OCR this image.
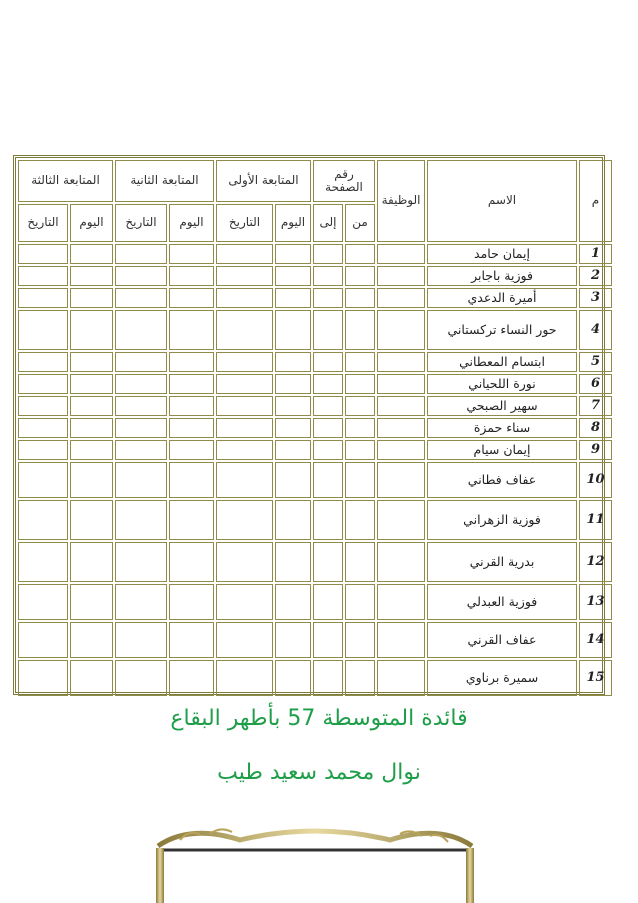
م	الاسم	الوظيفة	رقم الصفحة		المتابعة الأولى		المتابعة الثانية		المتابعة الثالثة	
			من	إلى	اليوم	التاريخ	اليوم	التاريخ	اليوم	التاريخ
1	إيمان حامد									
2	فوزية باجابر									
3	أميرة الدعدي									
4	حور النساء تركستاني									
5	ابتسام المعطاني									
6	نورة اللحياني									
7	سهير الصبحي									
8	سناء حمزة									
9	إيمان سيام									
10	عفاف فطاني									
11	فوزية الزهراني									
12	بدرية القرني									
13	فوزية العبدلي									
14	عفاف القرني									
15	سميرة برناوي									
قائدة المتوسطة 57 بأطهر البقاع
نوال محمد سعيد طيب
